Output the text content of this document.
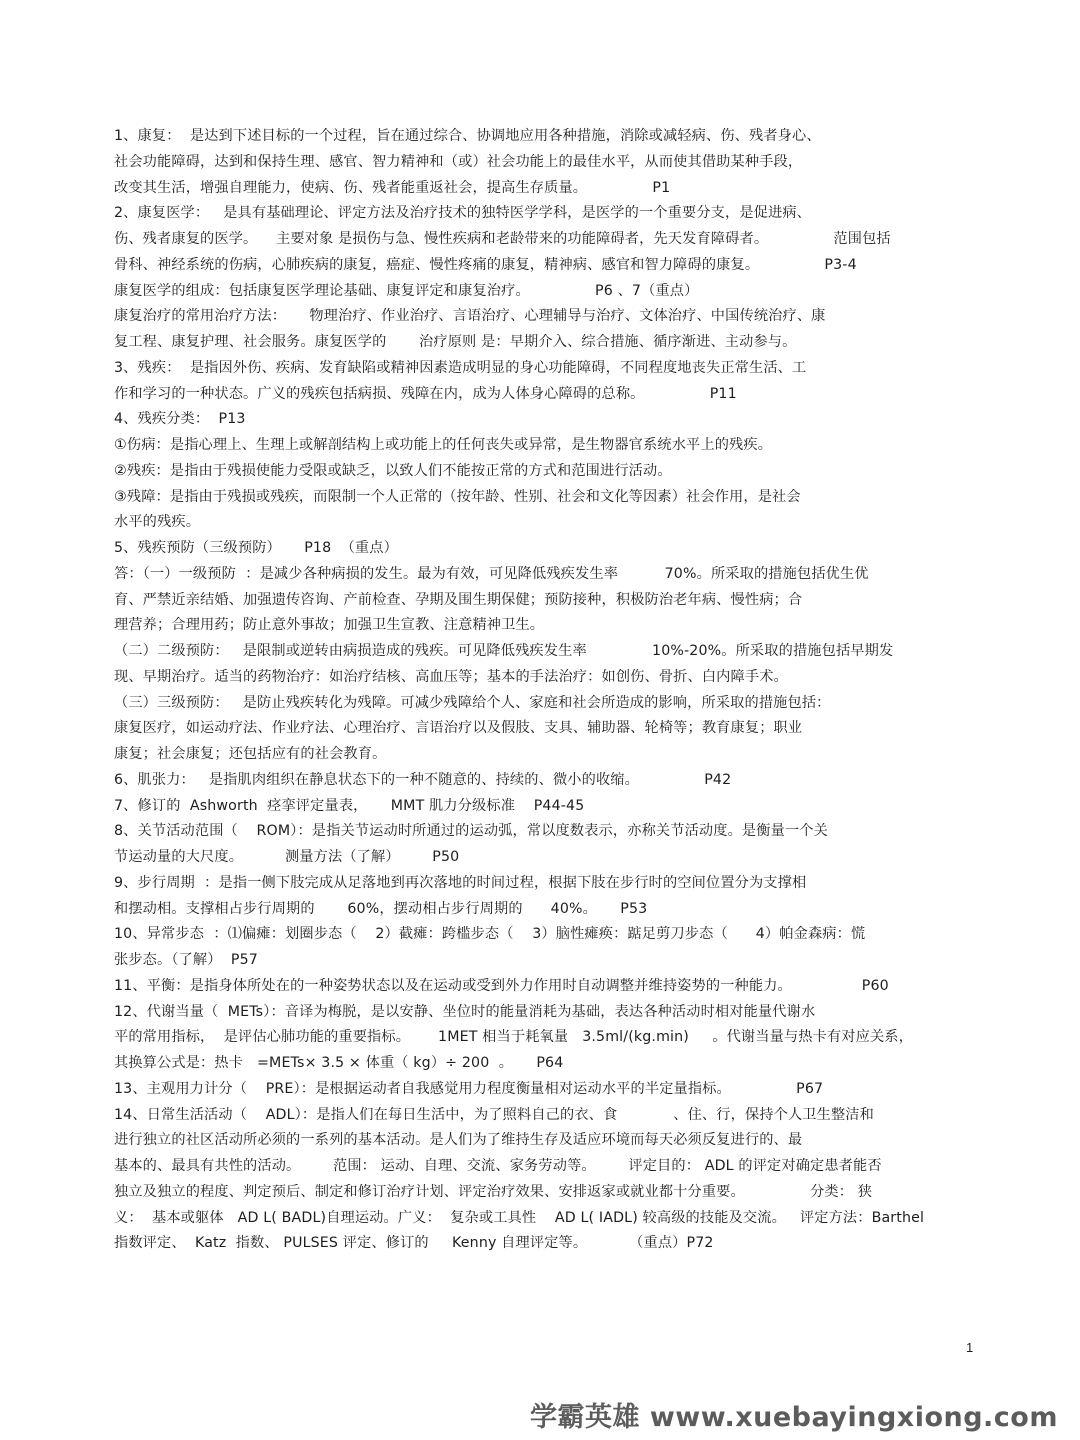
1、康复：  是达到下述目标的一个过程，旨在通过综合、协调地应用各种措施，消除或减轻病、伤、残者身心、
社会功能障碍，达到和保持生理、感官、智力精神和（或）社会功能上的最佳水平，从而使其借助某种手段，
改变其生活，增强自理能力，使病、伤、残者能重返社会，提高生存质量。              P1
2、康复医学：   是具有基础理论、评定方法及治疗技术的独特医学学科，是医学的一个重要分支，是促进病、
伤、残者康复的医学。    主要对象 是损伤与急、慢性疾病和老龄带来的功能障碍者，先天发育障碍者。              范围包括
骨科、神经系统的伤病，心肺疾病的康复，癌症、慢性疼痛的康复，精神病、感官和智力障碍的康复。              P3-4
康复医学的组成：包括康复医学理论基础、康复评定和康复治疗。              P6 、7（重点）
康复治疗的常用治疗方法：     物理治疗、作业治疗、言语治疗、心理辅导与治疗、文体治疗、中国传统治疗、康
复工程、康复护理、社会服务。康复医学的       治疗原则 是：早期介入、综合措施、循序渐进、主动参与。
3、残疾：  是指因外伤、疾病、发育缺陷或精神因素造成明显的身心功能障碍，不同程度地丧失正常生活、工
作和学习的一种状态。广义的残疾包括病损、残障在内，成为人体身心障碍的总称。              P11
4、残疾分类：  P13
①伤病：是指心理上、生理上或解剖结构上或功能上的任何丧失或异常，是生物器官系统水平上的残疾。
②残疾：是指由于残损使能力受限或缺乏，以致人们不能按正常的方式和范围进行活动。
③残障：是指由于残损或残疾，而限制一个人正常的（按年龄、性别、社会和文化等因素）社会作用，是社会
水平的残疾。
5、残疾预防（三级预防）     P18  （重点）
答：（一）一级预防  ：是减少各种病损的发生。最为有效，可见降低残疾发生率          70%。所采取的措施包括优生优
育、严禁近亲结婚、加强遗传咨询、产前检查、孕期及围生期保健；预防接种，积极防治老年病、慢性病；合
理营养；合理用药；防止意外事故；加强卫生宣教、注意精神卫生。
（二）二级预防：   是限制或逆转由病损造成的残疾。可见降低残疾发生率              10%-20%。所采取的措施包括早期发
现、早期治疗。适当的药物治疗：如治疗结核、高血压等；基本的手法治疗：如创伤、骨折、白内障手术。
（三）三级预防：   是防止残疾转化为残障。可减少残障给个人、家庭和社会所造成的影响，所采取的措施包括：
康复医疗，如运动疗法、作业疗法、心理治疗、言语治疗以及假肢、支具、辅助器、轮椅等；教育康复；职业
康复；社会康复；还包括应有的社会教育。
6、肌张力：   是指肌肉组织在静息状态下的一种不随意的、持续的、微小的收缩。              P42
7、修订的  Ashworth  痉挛评定量表，     MMT 肌力分级标准    P44-45
8、关节活动范围（    ROM）：是指关节运动时所通过的运动弧，常以度数表示，亦称关节活动度。是衡量一个关
节运动量的大尺度。         测量方法（了解）       P50
9、步行周期  ：是指一侧下肢完成从足落地到再次落地的时间过程，根据下肢在步行时的空间位置分为支撑相
和摆动相。支撑相占步行周期的       60%，摆动相占步行周期的      40%。     P53
10、异常步态  ：⑴偏瘫：划圈步态（    2）截瘫：跨槛步态（    3）脑性瘫痪：踮足剪刀步态（      4）帕金森病：慌
张步态。（了解）  P57
11、平衡：是指身体所处在的一种姿势状态以及在运动或受到外力作用时自动调整并维持姿势的一种能力。               P60
12、代谢当量（  METs）：音译为梅脱，是以安静、坐位时的能量消耗为基础，表达各种活动时相对能量代谢水
平的常用指标，  是评估心肺功能的重要指标。      1MET 相当于耗氧量   3.5ml/(kg.min)     。代谢当量与热卡有对应关系，
其换算公式是：热卡   =METs× 3.5 × 体重（ kg）÷ 200  。     P64
13、主观用力计分（    PRE）：是根据运动者自我感觉用力程度衡量相对运动水平的半定量指标。              P67
14、日常生活活动（    ADL）：是指人们在每日生活中，为了照料自己的衣、食            、住、行，保持个人卫生整洁和
进行独立的社区活动所必须的一系列的基本活动。是人们为了维持生存及适应环境而每天必须反复进行的、最
基本的、最具有共性的活动。       范围： 运动、自理、交流、家务劳动等。       评定目的： ADL 的评定对确定患者能否
独立及独立的程度、判定预后、制定和修订治疗计划、评定治疗效果、安排返家或就业都十分重要。              分类： 狭
义：  基本或躯体   AD L( BADL)自理运动。广义：  复杂或工具性    AD L( IADL) 较高级的技能及交流。   评定方法：Barthel
指数评定、  Katz  指数、 PULSES 评定、修订的     Kenny 自理评定等。         （重点）P72
1
学霸英雄 www.xuebayingxiong.com
